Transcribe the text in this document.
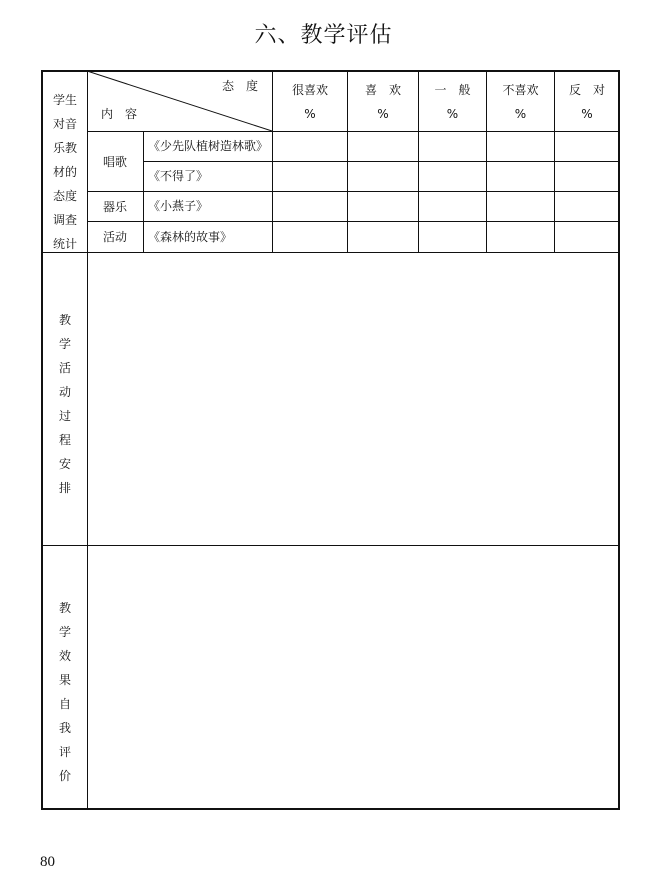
六、教学评估
态　度
内　容
学生
对音
乐教
材的
态度
调查
统计
很喜欢
%
喜　欢
%
一　般
%
不喜欢
%
反　对
%
唱歌
器乐
活动
《少先队植树造林歌》
《不得了》
《小燕子》
《森林的故事》
教
学
活
动
过
程
安
排
教
学
效
果
自
我
评
价
80
